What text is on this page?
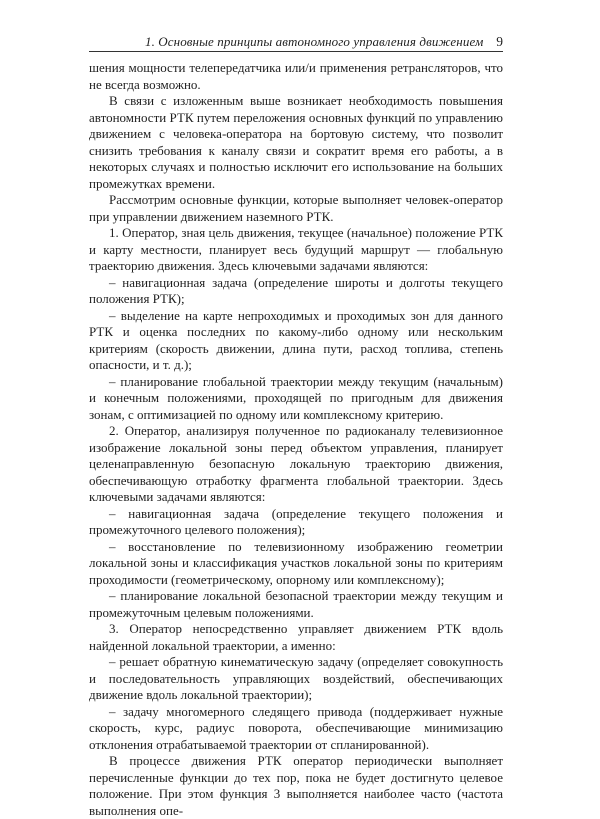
1. Основные принципы автономного управления движением 9

шения мощности телепередатчика или/и применения ретрансляторов, что не всегда возможно.

В связи с изложенным выше возникает необходимость повышения автономности РТК путем переложения основных функций по управлению движением с человека-оператора на бортовую систему, что позволит снизить требования к каналу связи и сократит время его работы, а в некоторых случаях и полностью исключит его использование на больших промежутках времени.

Рассмотрим основные функции, которые выполняет человек-оператор при управлении движением наземного РТК.

1. Оператор, зная цель движения, текущее (начальное) положение РТК и карту местности, планирует весь будущий маршрут — глобальную траекторию движения. Здесь ключевыми задачами являются:

– навигационная задача (определение широты и долготы текущего положения РТК);

– выделение на карте непроходимых и проходимых зон для данного РТК и оценка последних по какому-либо одному или нескольким критериям (скорость движении, длина пути, расход топлива, степень опасности, и т. д.);

– планирование глобальной траектории между текущим (начальным) и конечным положениями, проходящей по пригодным для движения зонам, с оптимизацией по одному или комплексному критерию.

2. Оператор, анализируя полученное по радиоканалу телевизионное изображение локальной зоны перед объектом управления, планирует целенаправленную безопасную локальную траекторию движения, обеспечивающую отработку фрагмента глобальной траектории. Здесь ключевыми задачами являются:

– навигационная задача (определение текущего положения и промежуточного целевого положения);

– восстановление по телевизионному изображению геометрии локальной зоны и классификация участков локальной зоны по критериям проходимости (геометрическому, опорному или комплексному);

– планирование локальной безопасной траектории между текущим и промежуточным целевым положениями.

3. Оператор непосредственно управляет движением РТК вдоль найденной локальной траектории, а именно:

– решает обратную кинематическую задачу (определяет совокупность и последовательность управляющих воздействий, обеспечивающих движение вдоль локальной траектории);

– задачу многомерного следящего привода (поддерживает нужные скорость, курс, радиус поворота, обеспечивающие минимизацию отклонения отрабатываемой траектории от спланированной).

В процессе движения РТК оператор периодически выполняет перечисленные функции до тех пор, пока не будет достигнуто целевое положение. При этом функция 3 выполняется наиболее часто (частота выполнения опе-
